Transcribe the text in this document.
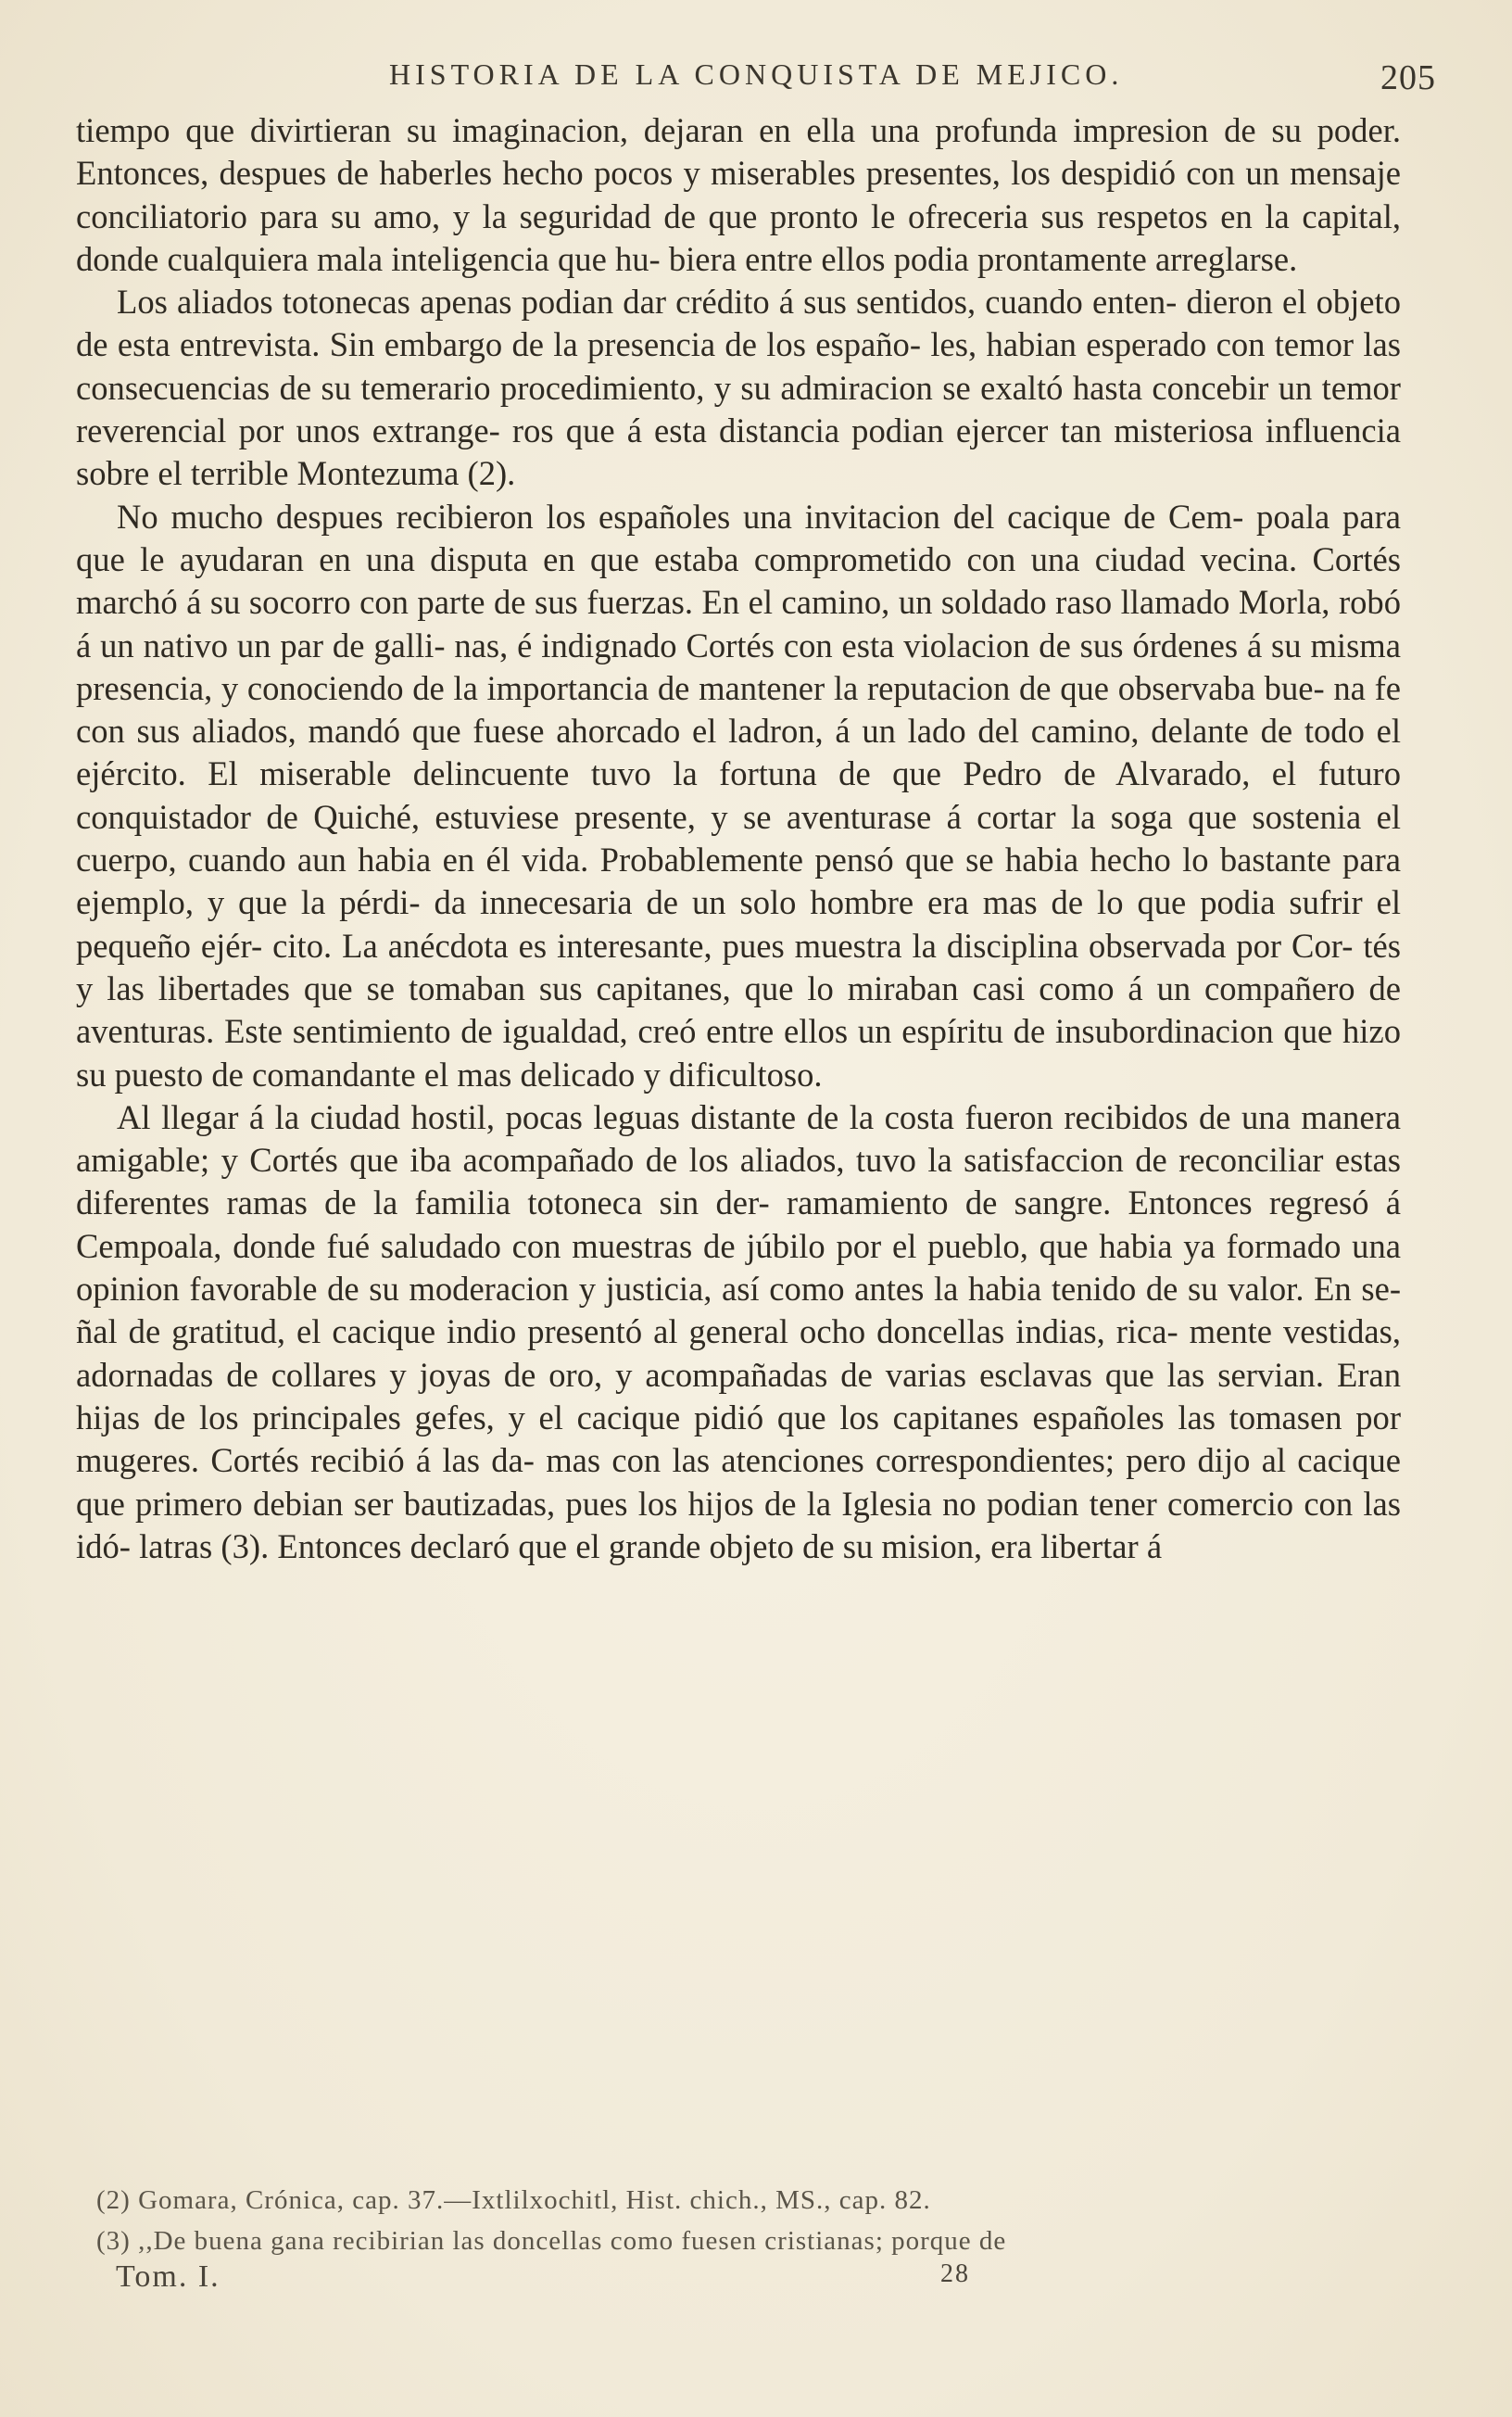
HISTORIA DE LA CONQUISTA DE MEJICO.	205

tiempo que divirtieran su imaginacion, dejaran en ella una profunda impresion de su poder. Entonces, despues de haberles hecho pocos y miserables presentes, los despidió con un mensaje conciliatorio para su amo, y la seguridad de que pronto le ofreceria sus respetos en la capital, donde cualquiera mala inteligencia que hu- biera entre ellos podia prontamente arreglarse.

Los aliados totonecas apenas podian dar crédito á sus sentidos, cuando enten- dieron el objeto de esta entrevista. Sin embargo de la presencia de los españo- les, habian esperado con temor las consecuencias de su temerario procedimiento, y su admiracion se exaltó hasta concebir un temor reverencial por unos extrange- ros que á esta distancia podian ejercer tan misteriosa influencia sobre el terrible Montezuma (2).

No mucho despues recibieron los españoles una invitacion del cacique de Cem- poala para que le ayudaran en una disputa en que estaba comprometido con una ciudad vecina. Cortés marchó á su socorro con parte de sus fuerzas. En el camino, un soldado raso llamado Morla, robó á un nativo un par de galli- nas, é indignado Cortés con esta violacion de sus órdenes á su misma presencia, y conociendo de la importancia de mantener la reputacion de que observaba bue- na fe con sus aliados, mandó que fuese ahorcado el ladron, á un lado del camino, delante de todo el ejército. El miserable delincuente tuvo la fortuna de que Pedro de Alvarado, el futuro conquistador de Quiché, estuviese presente, y se aventurase á cortar la soga que sostenia el cuerpo, cuando aun habia en él vida. Probablemente pensó que se habia hecho lo bastante para ejemplo, y que la pérdi- da innecesaria de un solo hombre era mas de lo que podia sufrir el pequeño ejér- cito. La anécdota es interesante, pues muestra la disciplina observada por Cor- tés y las libertades que se tomaban sus capitanes, que lo miraban casi como á un compañero de aventuras. Este sentimiento de igualdad, creó entre ellos un espíritu de insubordinacion que hizo su puesto de comandante el mas delicado y dificultoso.

Al llegar á la ciudad hostil, pocas leguas distante de la costa fueron recibidos de una manera amigable; y Cortés que iba acompañado de los aliados, tuvo la satisfaccion de reconciliar estas diferentes ramas de la familia totoneca sin der- ramamiento de sangre. Entonces regresó á Cempoala, donde fué saludado con muestras de júbilo por el pueblo, que habia ya formado una opinion favorable de su moderacion y justicia, así como antes la habia tenido de su valor. En se- ñal de gratitud, el cacique indio presentó al general ocho doncellas indias, rica- mente vestidas, adornadas de collares y joyas de oro, y acompañadas de varias esclavas que las servian. Eran hijas de los principales gefes, y el cacique pidió que los capitanes españoles las tomasen por mugeres. Cortés recibió á las da- mas con las atenciones correspondientes; pero dijo al cacique que primero debian ser bautizadas, pues los hijos de la Iglesia no podian tener comercio con las idó- latras (3). Entonces declaró que el grande objeto de su mision, era libertar á

(2) Gomara, Crónica, cap. 37.—Ixtlilxochitl, Hist. chich., MS., cap. 82.
(3) ,,De buena gana recibirian las doncellas como fuesen cristianas; porque de
Tom. I.	28
